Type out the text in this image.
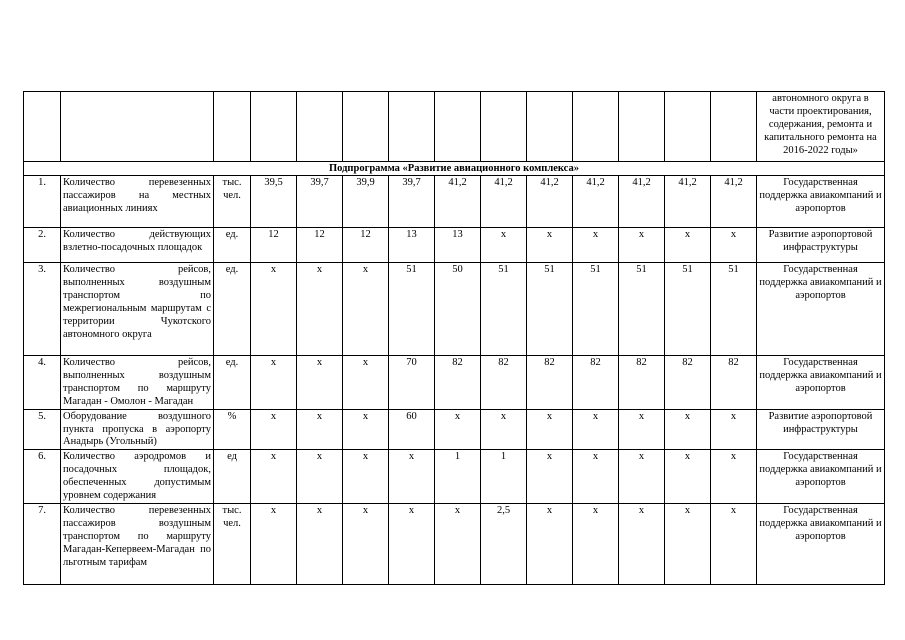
														автономного округа в части проектирования, содержания, ремонта и капитального ремонта на 2016-2022 годы»
Подпрограмма «Развитие авиационного комплекса»														
1.	Количество перевезенных пассажиров на местных авиационных линиях	тыс. чел.	39,5	39,7	39,9	39,7	41,2	41,2	41,2	41,2	41,2	41,2	41,2	Государственная поддержка авиакомпаний и аэропортов
2.	Количество действующих взлетно-посадочных площадок	ед.	12	12	12	13	13	х	х	х	х	х	х	Развитие аэропортовой инфраструктуры
3.	Количество рейсов, выполненных воздушным транспортом по межрегиональным маршрутам с территории Чукотского автономного округа	ед.	х	х	х	51	50	51	51	51	51	51	51	Государственная поддержка авиакомпаний и аэропортов
4.	Количество рейсов, выполненных воздушным транспортом по маршруту Магадан - Омолон - Магадан	ед.	х	х	х	70	82	82	82	82	82	82	82	Государственная поддержка авиакомпаний и аэропортов
5.	Оборудование воздушного пункта пропуска в аэропорту Анадырь (Угольный)	%	х	х	х	60	х	х	х	х	х	х	х	Развитие аэропортовой инфраструктуры
6.	Количество аэродромов и посадочных площадок, обеспеченных допустимым уровнем содержания	ед	х	х	х	х	1	1	х	х	х	х	х	Государственная поддержка авиакомпаний и аэропортов
7.	Количество перевезенных пассажиров воздушным транспортом по маршруту Магадан-Кепервеем-Магадан по льготным тарифам	тыс. чел.	х	х	х	х	х	2,5	х	х	х	х	х	Государственная поддержка авиакомпаний и аэропортов
